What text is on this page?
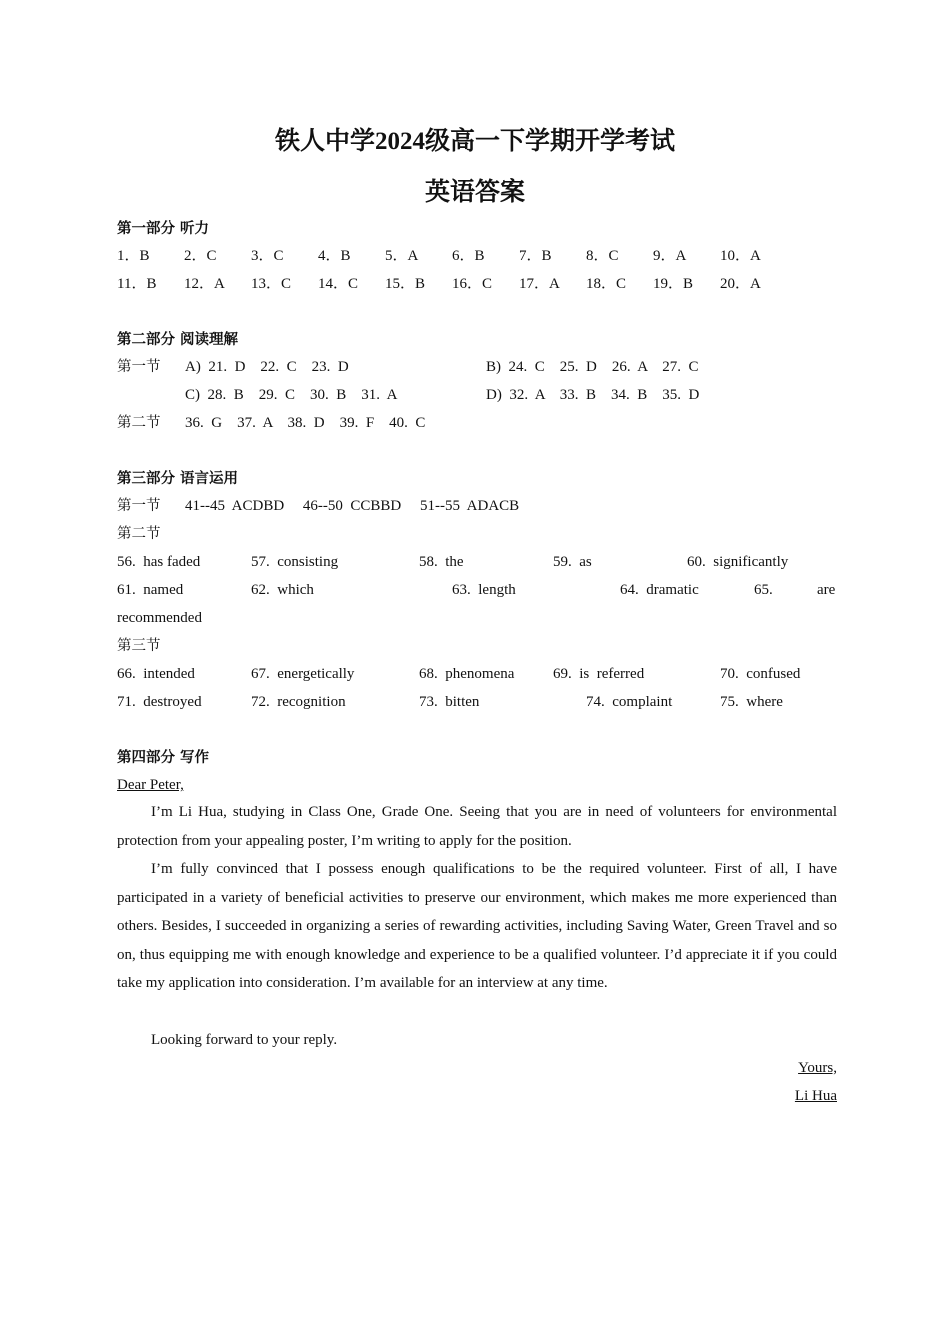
铁人中学2024级高一下学期开学考试
英语答案
第一部分 听力
1．B 2．C 3．C 4．B 5．A 6．B 7．B 8．C 9．A 10．A
11．B 12．A 13．C 14．C 15．B 16．C 17．A 18．C 19．B 20．A
第二部分 阅读理解
第一节 A)  21.  D    22.  C    23.  D	B)  24.  C    25.  D    26.  A    27.  C
C)  28.  B    29.  C    30.  B    31.  A	D)  32.  A    33.  B    34.  B    35.  D
第二节 36.  G    37.  A    38.  D    39.  F    40.  C
第三部分 语言运用
第一节 41--45  ACDBD     46--50  CCBBD     51--55  ADACB
第二节
56.  has faded	57.  consisting	58.  the	59.  as	60.  significantly
61.  named	62.  which	63.  length	64.  dramatic	65.	are
recommended
第三节
66.  intended	67.  energetically	68.  phenomena	69.  is  referred	70.  confused
71.  destroyed	72.  recognition	73.  bitten	74.  complaint	75.  where
第四部分 写作
Dear Peter,
I’m Li Hua, studying in Class One, Grade One. Seeing that you are in need of volunteers for environmental protection from your appealing poster, I’m writing to apply for the position.
I’m fully convinced that I possess enough qualifications to be the required volunteer. First of all, I have participated in a variety of beneficial activities to preserve our environment, which makes me more experienced than others. Besides, I succeeded in organizing a series of rewarding activities, including Saving Water, Green Travel and so on, thus equipping me with enough knowledge and experience to be a qualified volunteer. I’d appreciate it if you could take my application into consideration. I’m available for an interview at any time.
Looking forward to your reply.
Yours,
Li Hua
